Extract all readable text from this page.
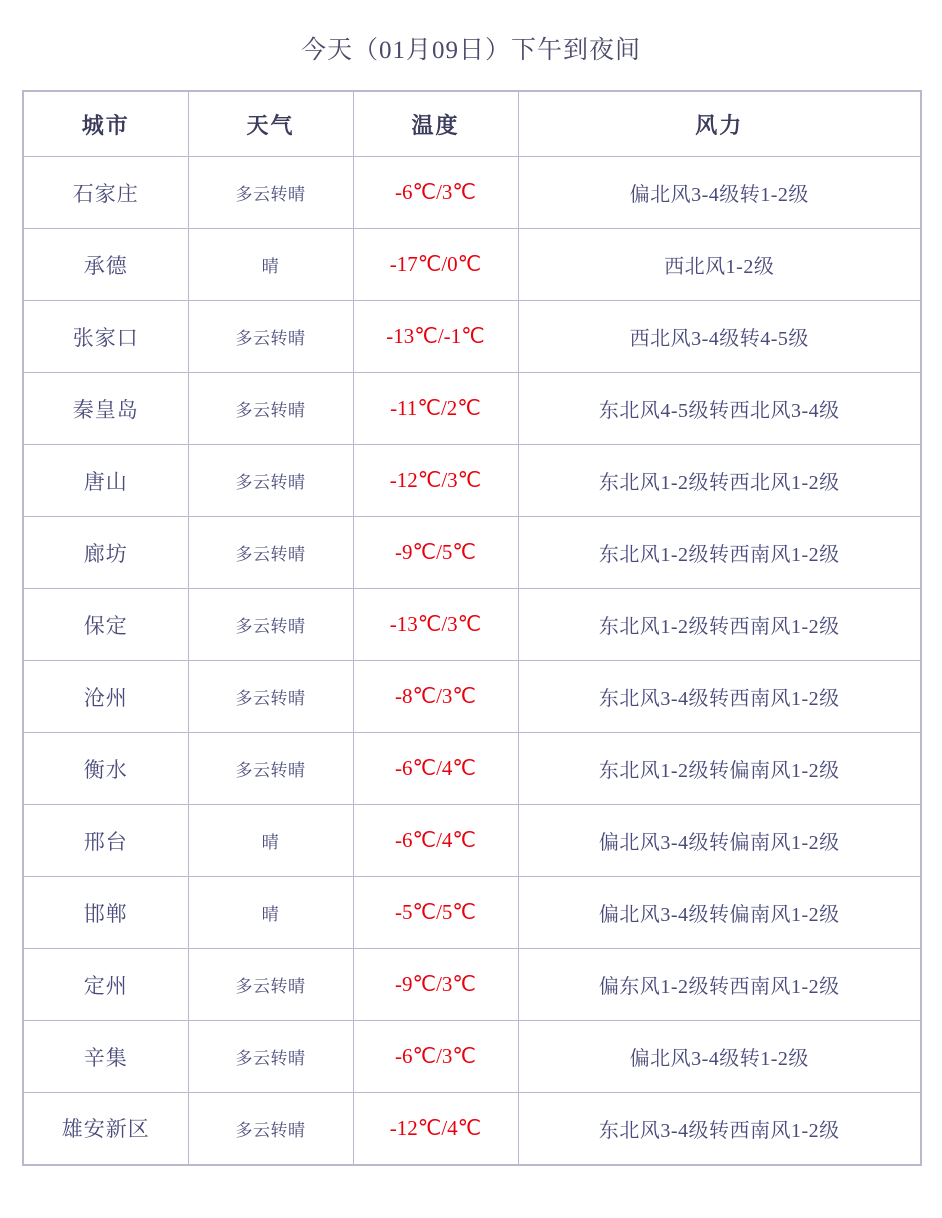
今天（01月09日）下午到夜间
城市	天气	温度	风力
石家庄	多云转晴	-6℃/3℃	偏北风3-4级转1-2级
承德	晴	-17℃/0℃	西北风1-2级
张家口	多云转晴	-13℃/-1℃	西北风3-4级转4-5级
秦皇岛	多云转晴	-11℃/2℃	东北风4-5级转西北风3-4级
唐山	多云转晴	-12℃/3℃	东北风1-2级转西北风1-2级
廊坊	多云转晴	-9℃/5℃	东北风1-2级转西南风1-2级
保定	多云转晴	-13℃/3℃	东北风1-2级转西南风1-2级
沧州	多云转晴	-8℃/3℃	东北风3-4级转西南风1-2级
衡水	多云转晴	-6℃/4℃	东北风1-2级转偏南风1-2级
邢台	晴	-6℃/4℃	偏北风3-4级转偏南风1-2级
邯郸	晴	-5℃/5℃	偏北风3-4级转偏南风1-2级
定州	多云转晴	-9℃/3℃	偏东风1-2级转西南风1-2级
辛集	多云转晴	-6℃/3℃	偏北风3-4级转1-2级
雄安新区	多云转晴	-12℃/4℃	东北风3-4级转西南风1-2级
